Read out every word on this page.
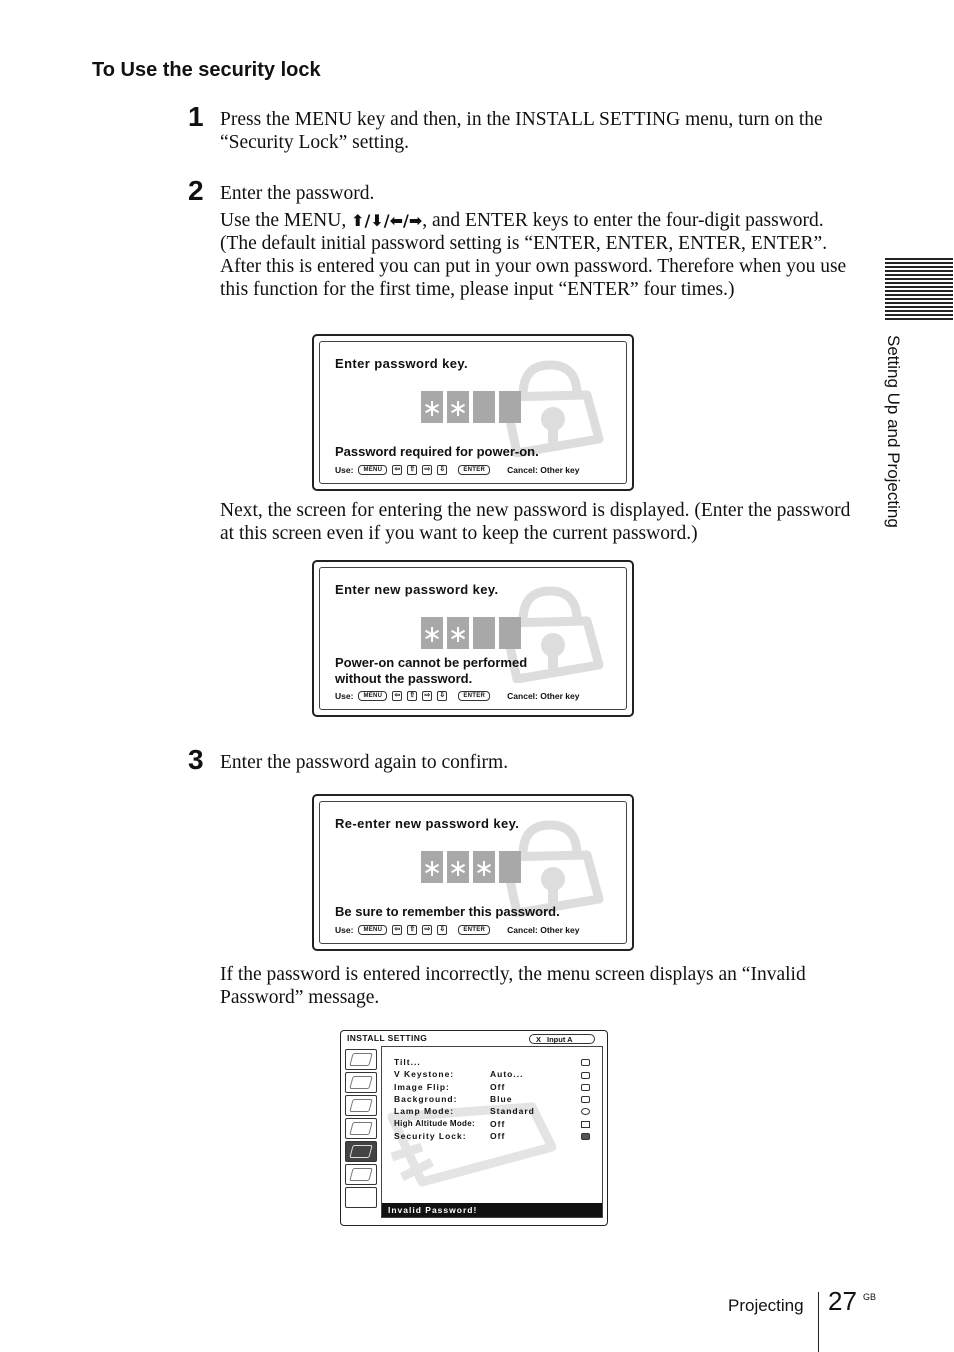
To Use the security lock
1 Press the MENU key and then, in the INSTALL SETTING menu, turn on the “Security Lock” setting.
2 Enter the password.
Use the MENU, ⬆/⬇/⬅/➡, and ENTER keys to enter the four-digit password. (The default initial password setting is “ENTER, ENTER, ENTER, ENTER”. After this is entered you can put in your own password. Therefore when you use this function for the first time, please input “ENTER” four times.)
Enter password key.
∗ ∗
Password required for power-on.
Use:	MENU	⇦ ⇧ ⇨ ⇩	ENTER	Cancel: Other key
Next, the screen for entering the new password is displayed. (Enter the password at this screen even if you want to keep the current password.)
Enter new password key.
∗ ∗
Power-on cannot be performed
without the password.
Use:	MENU	⇦ ⇧ ⇨ ⇩	ENTER	Cancel: Other key
3 Enter the password again to confirm.
Re-enter new password key.
∗ ∗ ∗
Be sure to remember this password.
Use:	MENU	⇦ ⇧ ⇨ ⇩	ENTER	Cancel: Other key
If the password is entered incorrectly, the menu screen displays an “Invalid Password” message.
INSTALL SETTING	X Input A
Tilt...
V Keystone:	Auto...
Image Flip:	Off
Background:	Blue
Lamp Mode:	Standard
High Altitude Mode:	Off
Security Lock:	Off
Invalid Password!
Setting Up and Projecting
Projecting 27 GB
